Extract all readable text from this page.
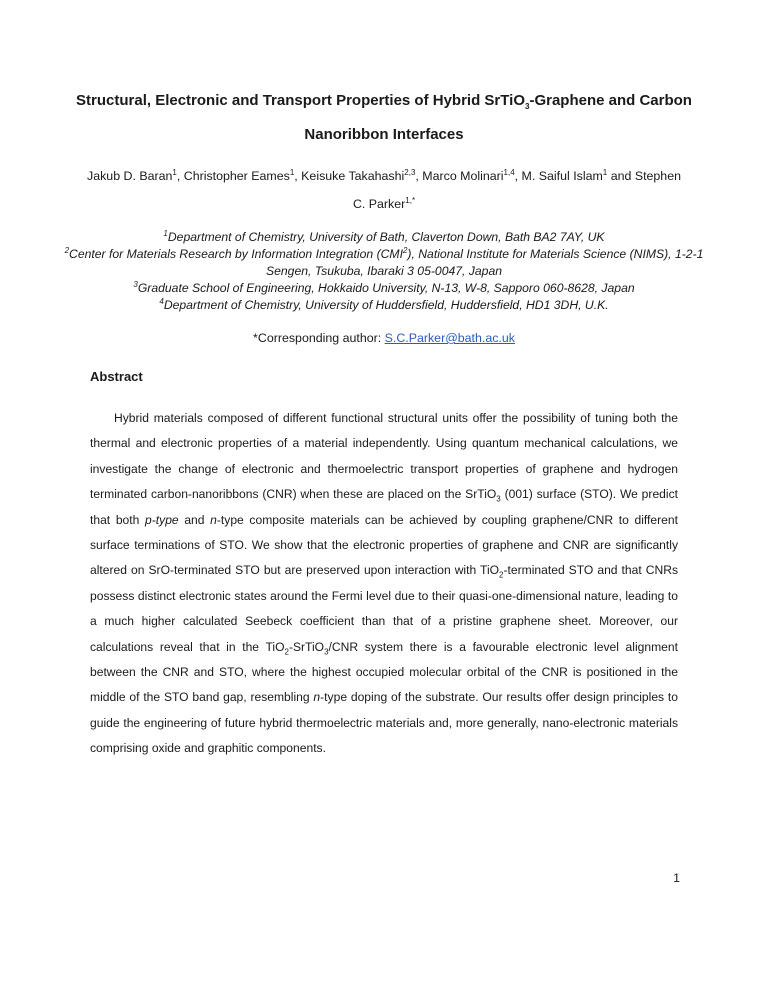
Structural, Electronic and Transport Properties of Hybrid SrTiO$_3$-Graphene and Carbon Nanoribbon Interfaces
Jakub D. Baran$^1$, Christopher Eames$^1$, Keisuke Takahashi$^{2,3}$, Marco Molinari$^{1,4}$, M. Saiful Islam$^1$ and Stephen C. Parker$^{1,*}$
$^1$Department of Chemistry, University of Bath, Claverton Down, Bath BA2 7AY, UK
$^2$Center for Materials Research by Information Integration (CMI$^2$), National Institute for Materials Science (NIMS), 1-2-1 Sengen, Tsukuba, Ibaraki 3 05-0047, Japan
$^3$Graduate School of Engineering, Hokkaido University, N-13, W-8, Sapporo 060-8628, Japan
$^4$Department of Chemistry, University of Huddersfield, Huddersfield, HD1 3DH, U.K.
*Corresponding author: S.C.Parker@bath.ac.uk
Abstract
Hybrid materials composed of different functional structural units offer the possibility of tuning both the thermal and electronic properties of a material independently. Using quantum mechanical calculations, we investigate the change of electronic and thermoelectric transport properties of graphene and hydrogen terminated carbon-nanoribbons (CNR) when these are placed on the SrTiO$_3$ (001) surface (STO). We predict that both p-type and n-type composite materials can be achieved by coupling graphene/CNR to different surface terminations of STO. We show that the electronic properties of graphene and CNR are significantly altered on SrO-terminated STO but are preserved upon interaction with TiO$_2$-terminated STO and that CNRs possess distinct electronic states around the Fermi level due to their quasi-one-dimensional nature, leading to a much higher calculated Seebeck coefficient than that of a pristine graphene sheet. Moreover, our calculations reveal that in the TiO$_2$-SrTiO$_3$/CNR system there is a favourable electronic level alignment between the CNR and STO, where the highest occupied molecular orbital of the CNR is positioned in the middle of the STO band gap, resembling n-type doping of the substrate. Our results offer design principles to guide the engineering of future hybrid thermoelectric materials and, more generally, nano-electronic materials comprising oxide and graphitic components.
1
